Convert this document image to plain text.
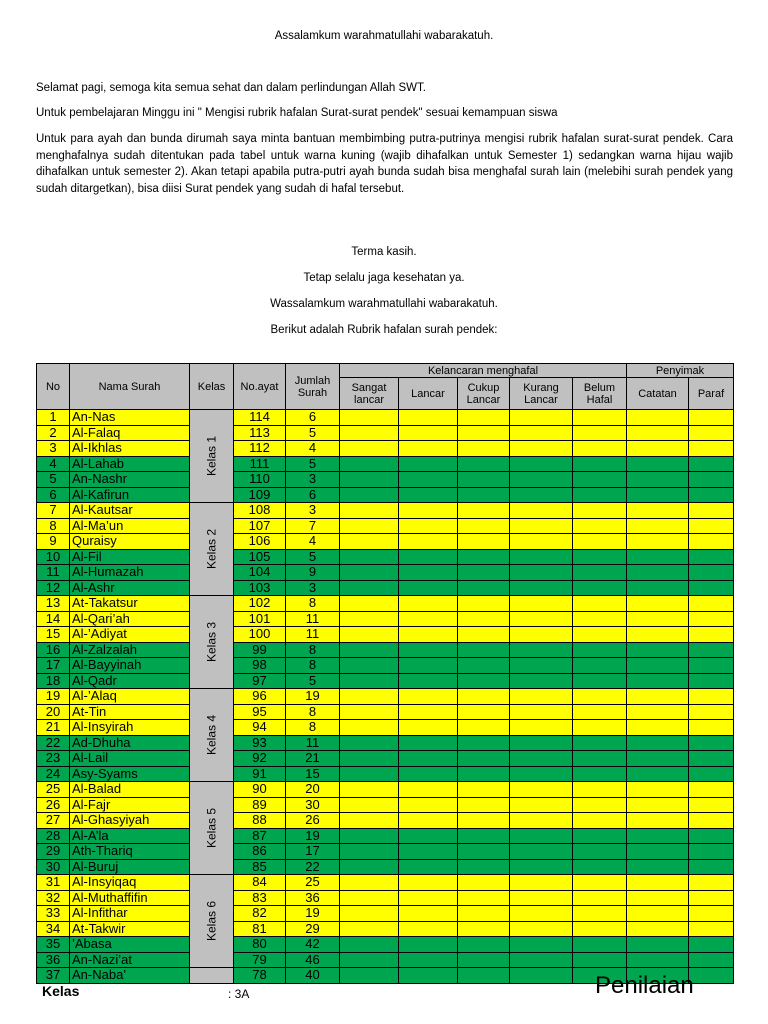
Assalamkum warahmatullahi wabarakatuh.
Selamat pagi, semoga kita semua sehat dan dalam perlindungan Allah SWT.
Untuk pembelajaran Minggu ini " Mengisi rubrik hafalan Surat-surat pendek" sesuai kemampuan siswa
Untuk para ayah dan bunda dirumah saya minta bantuan membimbing putra-putrinya mengisi rubrik hafalan surat-surat pendek. Cara menghafalnya sudah ditentukan pada tabel untuk warna kuning (wajib dihafalkan untuk Semester 1) sedangkan warna hijau wajib dihafalkan untuk semester 2). Akan tetapi apabila putra-putri ayah bunda sudah bisa menghafal surah lain (melebihi surah pendek yang sudah ditargetkan), bisa diisi Surat pendek yang sudah di hafal tersebut.
Terma kasih.
Tetap selalu jaga kesehatan ya.
Wassalamkum warahmatullahi wabarakatuh.
Berikut adalah Rubrik hafalan surah pendek:
No	Nama Surah	Kelas	No.ayat	Jumlah Surah	Kelancaran menghafal					Penyimak	
					Sangat lancar	Lancar	Cukup Lancar	Kurang Lancar	Belum Hafal	Catatan	Paraf
1	An-Nas	Kelas 1	114	6							
2	Al-Falaq		113	5							
3	Al-Ikhlas		112	4							
4	Al-Lahab		111	5							
5	An-Nashr		110	3							
6	Al-Kafirun		109	6							
7	Al-Kautsar	Kelas 2	108	3							
8	Al-Ma’un		107	7							
9	Quraisy		106	4							
10	Al-Fil		105	5							
11	Al-Humazah		104	9							
12	Al-Ashr		103	3							
13	At-Takatsur	Kelas 3	102	8							
14	Al-Qari’ah		101	11							
15	Al-’Adiyat		100	11							
16	Al-Zalzalah		99	8							
17	Al-Bayyinah		98	8							
18	Al-Qadr		97	5							
19	Al-’Alaq	Kelas 4	96	19							
20	At-Tin		95	8							
21	Al-Insyirah		94	8							
22	Ad-Dhuha		93	11							
23	Al-Lail		92	21							
24	Asy-Syams		91	15							
25	Al-Balad	Kelas 5	90	20							
26	Al-Fajr		89	30							
27	Al-Ghasyiyah		88	26							
28	Al-A’la		87	19							
29	Ath-Thariq		86	17							
30	Al-Buruj		85	22							
31	Al-Insyiqaq	Kelas 6	84	25							
32	Al-Muthaffifin		83	36							
33	Al-Infithar		82	19							
34	At-Takwir		81	29							
35	’Abasa		80	42							
36	An-Nazi’at		79	46							
37	An-Naba’		78	40							
Kelas	: 3A	Penilaian
